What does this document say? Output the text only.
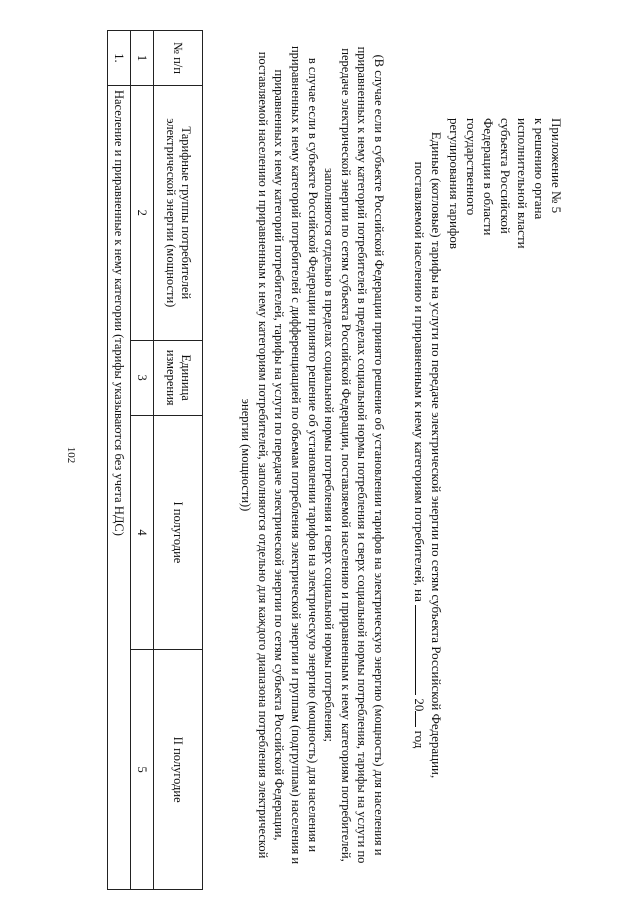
102
Приложение № 5
к решению органа
исполнительной власти
субъекта Российской
Федерации в области
государственного
регулирования тарифов
Единые (котловые) тарифы на услуги по передаче электрической энергии по сетям субъекта Российской Федерации,
поставляемой населению и приравненным к нему категориям потребителей, на  20 год

(В случае если в субъекте Российской Федерации принято решение об установлении тарифов на электрическую энергию (мощность) для населения и приравненных к нему категорий потребителей в пределах социальной нормы потребления и сверх социальной нормы потребления, тарифы на услуги по передаче электрической энергии по сетям субъекта Российской Федерации, поставляемой населению и приравненным к нему категориям потребителей, заполняются отдельно в пределах социальной нормы потребления и сверх социальной нормы потребления;

в случае если в субъекте Российской Федерации принято решение об установлении тарифов на электрическую энергию (мощность) для населения и приравненных к нему категорий потребителей с дифференциацией по объемам потребления электрической энергии и группам (подгруппам) населения и приравненных к нему категорий потребителей, тарифы на услуги по передаче электрической энергии по сетям субъекта Российской Федерации, поставляемой населению и приравненным к нему категориям потребителей, заполняются отдельно для каждого диапазона потребления электрической энергии (мощности))

№ п/п	Тарифные группы потребителей электрической энергии (мощности)	Единица измерения	I полугодие	II полугодие
1	2	3	4	5
1.	Население и приравненные к нему категории (тарифы указываются без учета НДС)			
